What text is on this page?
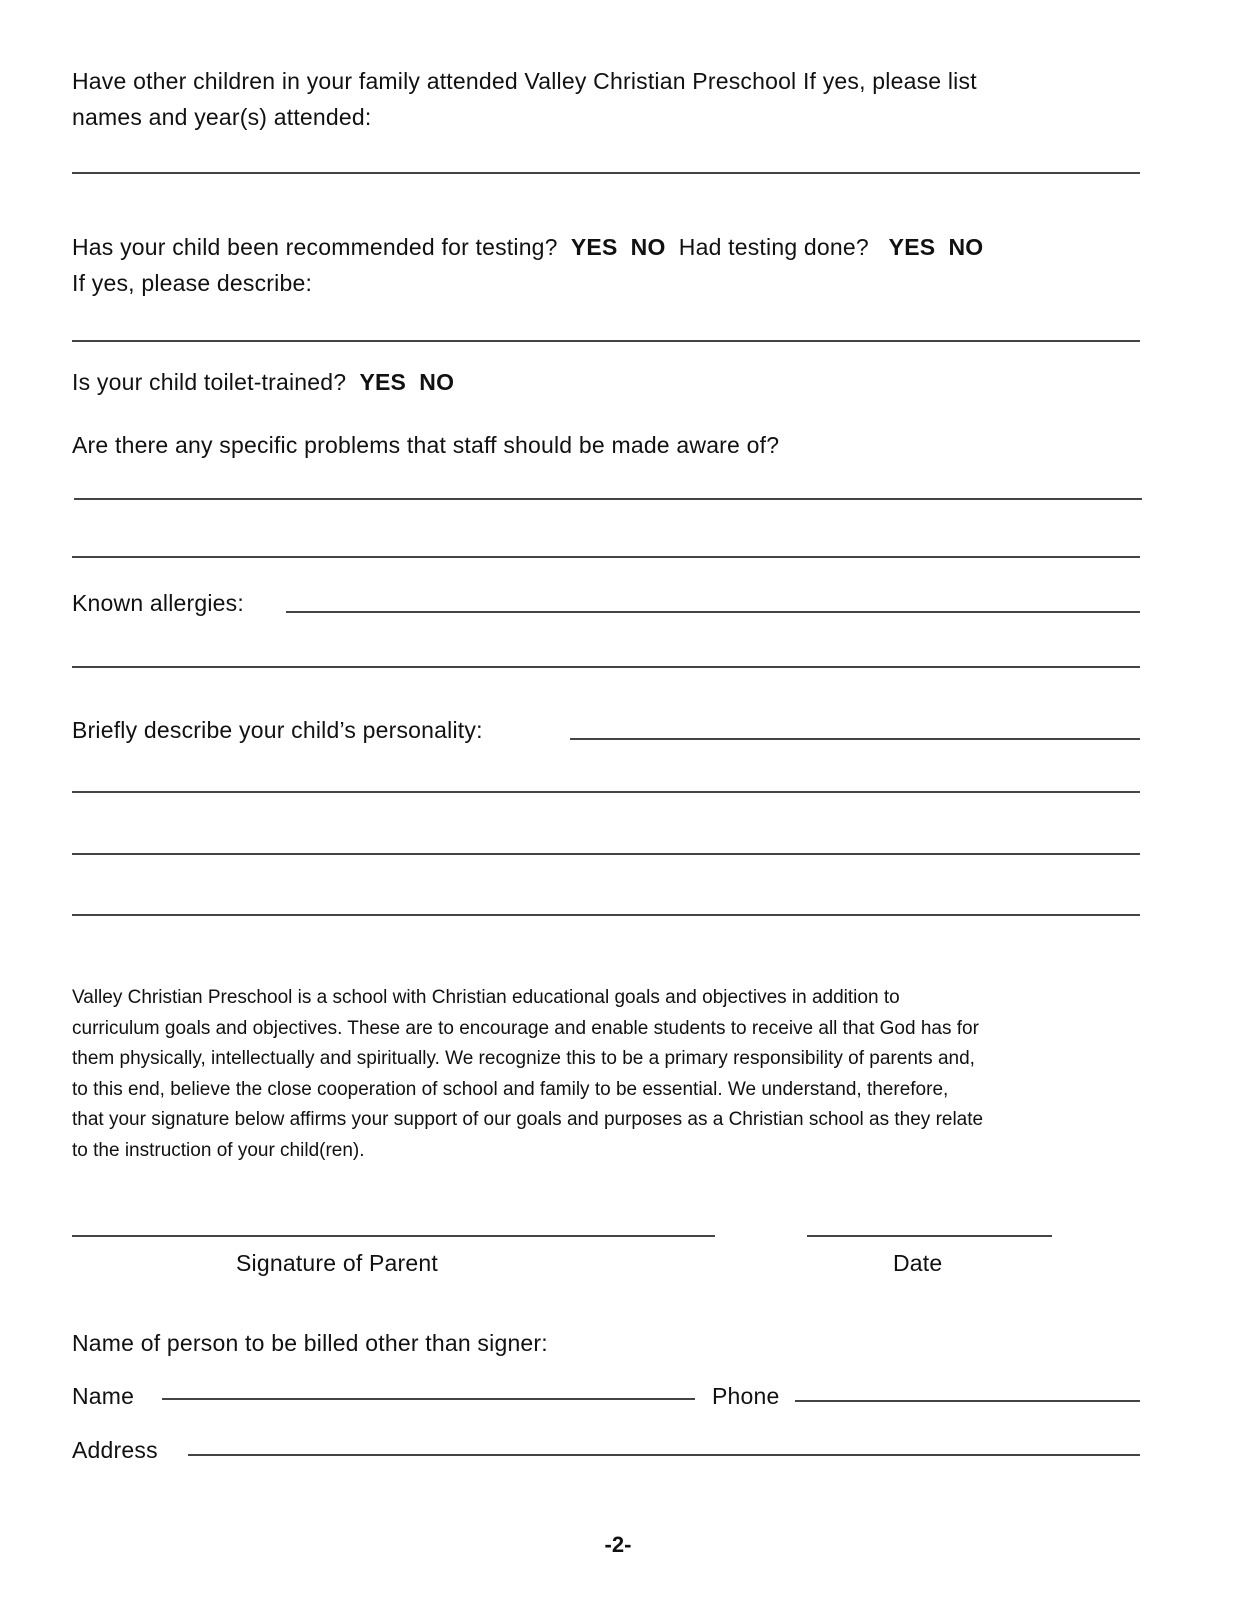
Have other children in your family attended Valley Christian Preschool If yes, please list
names and year(s) attended:
Has your child been recommended for testing? YES NO Had testing done? YES NO
If yes, please describe:
Is your child toilet-trained? YES NO
Are there any specific problems that staff should be made aware of?
Known allergies:
Briefly describe your child’s personality:
Valley Christian Preschool is a school with Christian educational goals and objectives in addition to
curriculum goals and objectives. These are to encourage and enable students to receive all that God has for
them physically, intellectually and spiritually. We recognize this to be a primary responsibility of parents and,
to this end, believe the close cooperation of school and family to be essential. We understand, therefore,
that your signature below affirms your support of our goals and purposes as a Christian school as they relate
to the instruction of your child(ren).
Signature of Parent	Date
Name of person to be billed other than signer:
Name	Phone
Address
-2-
